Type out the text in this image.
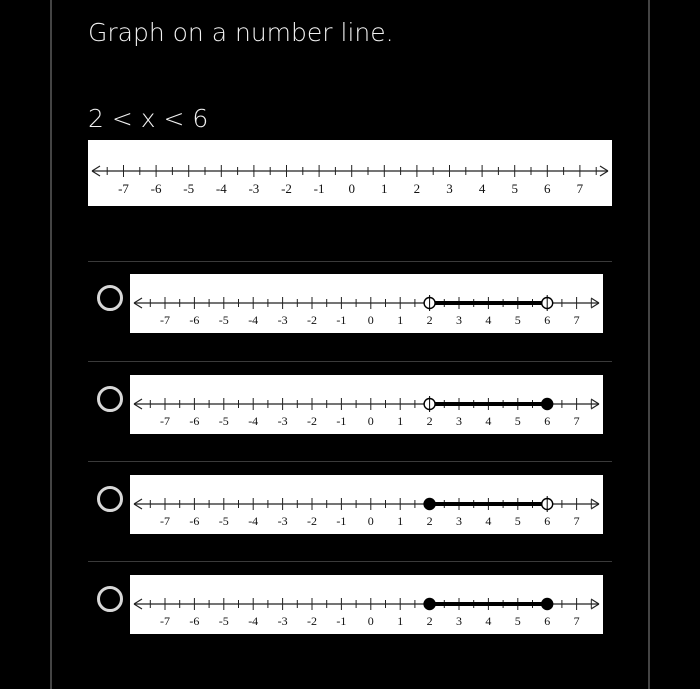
Graph on a number line.
2 < x < 6
-7 -6 -5 -4 -3 -2 -1 0 1 2 3 4 5 6 7
-7 -6 -5 -4 -3 -2 -1 0 1 2 3 4 5 6 7
-7 -6 -5 -4 -3 -2 -1 0 1 2 3 4 5 6 7
-7 -6 -5 -4 -3 -2 -1 0 1 2 3 4 5 6 7
-7 -6 -5 -4 -3 -2 -1 0 1 2 3 4 5 6 7
